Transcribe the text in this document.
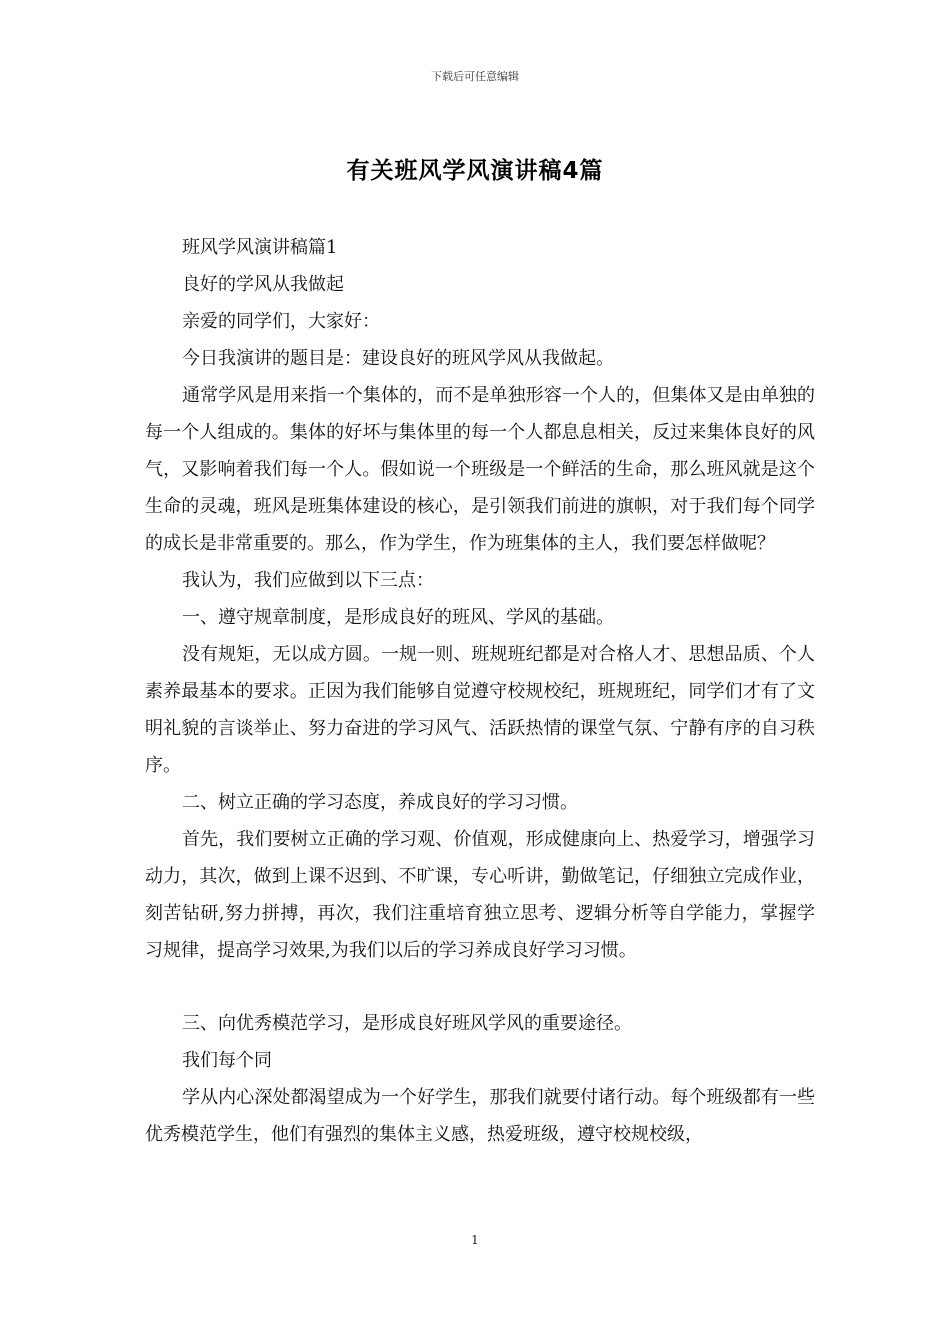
下载后可任意编辑
有关班风学风演讲稿4篇

班风学风演讲稿篇1

良好的学风从我做起

亲爱的同学们，大家好：

今日我演讲的题目是：建设良好的班风学风从我做起。

通常学风是用来指一个集体的，而不是单独形容一个人的，但集体又是由单独的每一个人组成的。集体的好坏与集体里的每一个人都息息相关，反过来集体良好的风气，又影响着我们每一个人。假如说一个班级是一个鲜活的生命，那么班风就是这个生命的灵魂，班风是班集体建设的核心，是引领我们前进的旗帜，对于我们每个同学的成长是非常重要的。那么，作为学生，作为班集体的主人，我们要怎样做呢？

我认为，我们应做到以下三点：

一、遵守规章制度，是形成良好的班风、学风的基础。

没有规矩，无以成方圆。一规一则、班规班纪都是对合格人才、思想品质、个人素养最基本的要求。正因为我们能够自觉遵守校规校纪，班规班纪，同学们才有了文明礼貌的言谈举止、努力奋进的学习风气、活跃热情的课堂气氛、宁静有序的自习秩序。

二、树立正确的学习态度，养成良好的学习习惯。

首先，我们要树立正确的学习观、价值观，形成健康向上、热爱学习，增强学习动力，其次，做到上课不迟到、不旷课，专心听讲，勤做笔记，仔细独立完成作业，刻苦钻研,努力拼搏，再次，我们注重培育独立思考、逻辑分析等自学能力，掌握学习规律，提高学习效果,为我们以后的学习养成良好学习习惯。

三、向优秀模范学习，是形成良好班风学风的重要途径。

我们每个同

学从内心深处都渴望成为一个好学生，那我们就要付诸行动。每个班级都有一些优秀模范学生，他们有强烈的集体主义感，热爱班级，遵守校规校级，

1
